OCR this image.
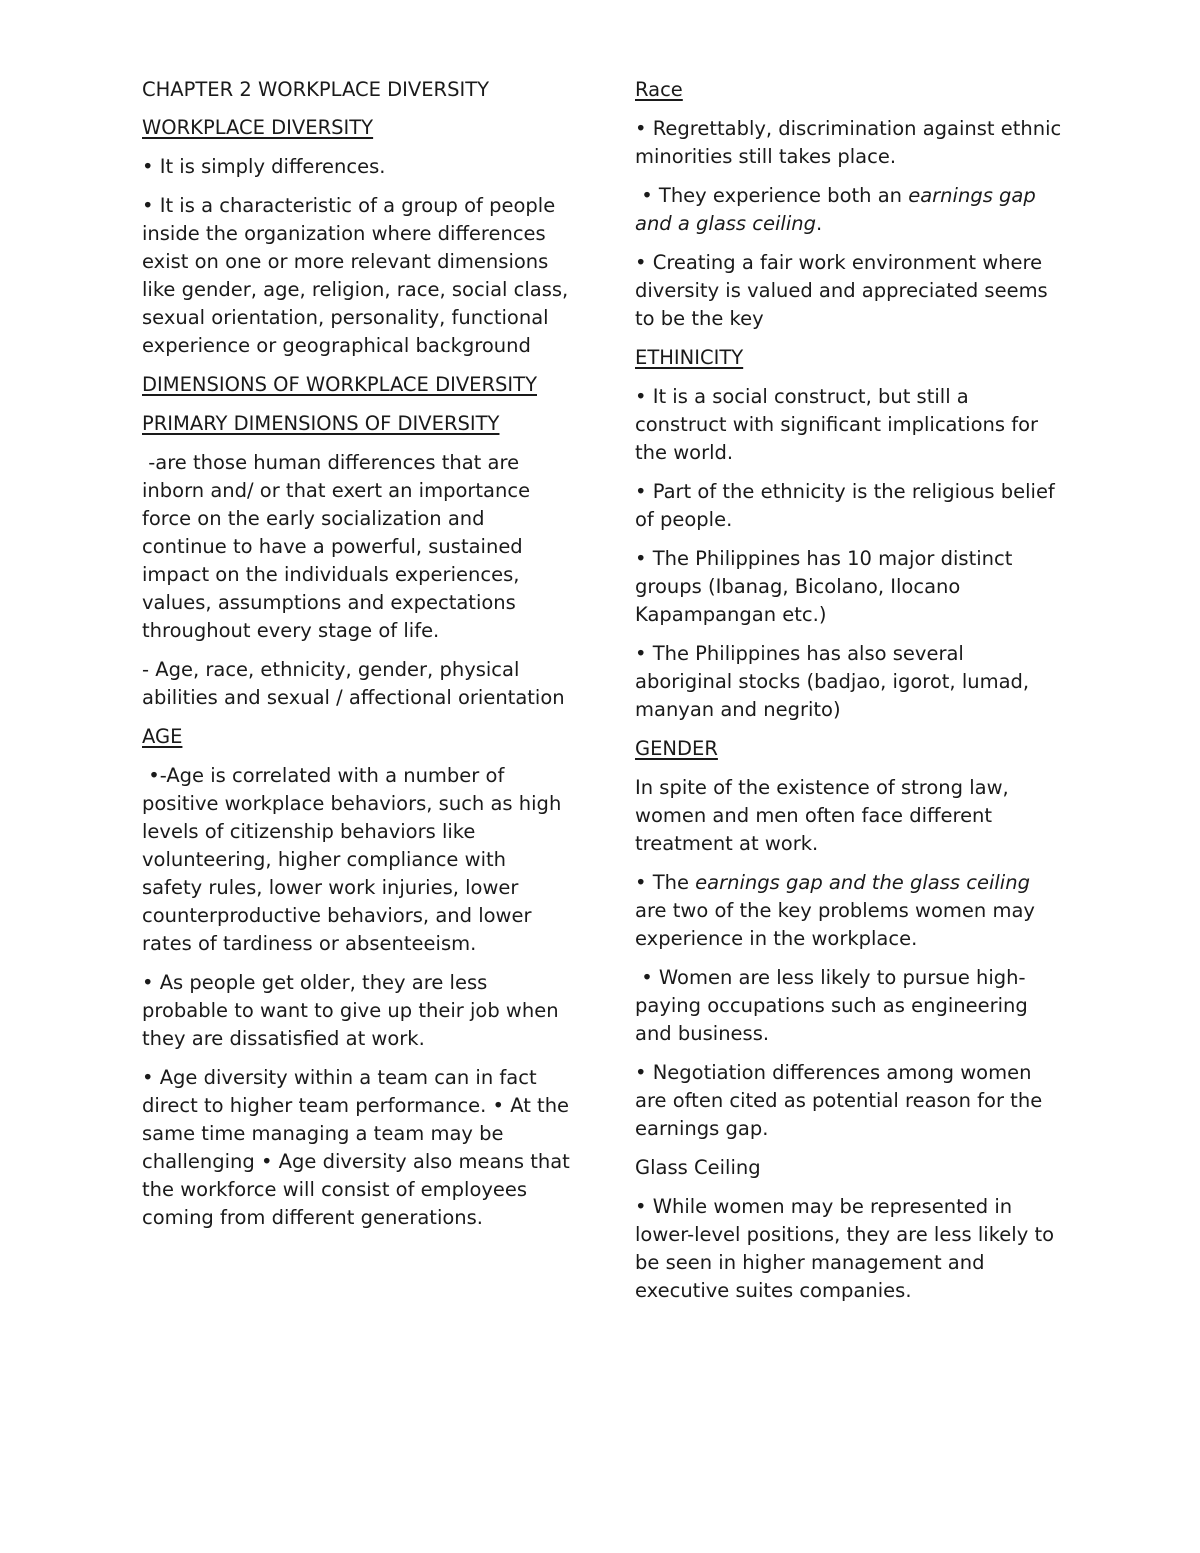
CHAPTER 2 WORKPLACE DIVERSITY

WORKPLACE DIVERSITY

• It is simply differences.

• It is a characteristic of a group of people inside the organization where differences exist on one or more relevant dimensions like gender, age, religion, race, social class, sexual orientation, personality, functional experience or geographical background

DIMENSIONS OF WORKPLACE DIVERSITY

PRIMARY DIMENSIONS OF DIVERSITY

-are those human differences that are inborn and/ or that exert an importance force on the early socialization and continue to have a powerful, sustained impact on the individuals experiences, values, assumptions and expectations throughout every stage of life.

- Age, race, ethnicity, gender, physical abilities and sexual / affectional orientation

AGE

•-Age is correlated with a number of positive workplace behaviors, such as high levels of citizenship behaviors like volunteering, higher compliance with safety rules, lower work injuries, lower counterproductive behaviors, and lower rates of tardiness or absenteeism.

• As people get older, they are less probable to want to give up their job when they are dissatisfied at work.

• Age diversity within a team can in fact direct to higher team performance. • At the same time managing a team may be challenging • Age diversity also means that the workforce will consist of employees coming from different generations.

Race

• Regrettably, discrimination against ethnic minorities still takes place.

• They experience both an earnings gap and a glass ceiling.

• Creating a fair work environment where diversity is valued and appreciated seems to be the key

ETHINICITY

• It is a social construct, but still a construct with significant implications for the world.

• Part of the ethnicity is the religious belief of people.

• The Philippines has 10 major distinct groups (Ibanag, Bicolano, Ilocano Kapampangan etc.)

• The Philippines has also several aboriginal stocks (badjao, igorot, lumad, manyan and negrito)

GENDER

In spite of the existence of strong law, women and men often face different treatment at work.

• The earnings gap and the glass ceiling are two of the key problems women may experience in the workplace.

• Women are less likely to pursue high-paying occupations such as engineering and business.

• Negotiation differences among women are often cited as potential reason for the earnings gap.

Glass Ceiling

• While women may be represented in lower-level positions, they are less likely to be seen in higher management and executive suites companies.
